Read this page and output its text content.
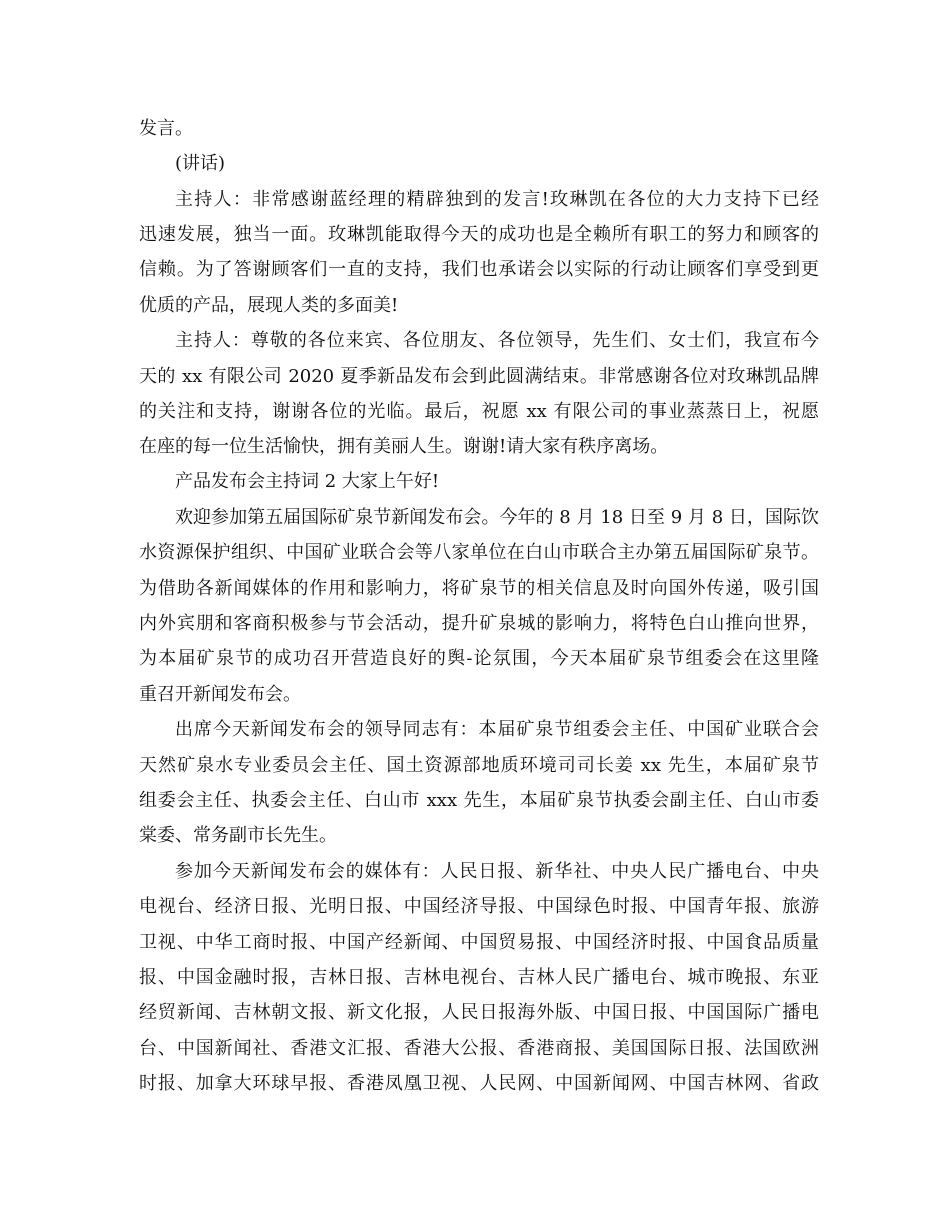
发言。
(讲话)
主持人：非常感谢蓝经理的精辟独到的发言!玫琳凯在各位的大力支持下已经
迅速发展，独当一面。玫琳凯能取得今天的成功也是全赖所有职工的努力和顾客的
信赖。为了答谢顾客们一直的支持，我们也承诺会以实际的行动让顾客们享受到更
优质的产品，展现人类的多面美!
主持人：尊敬的各位来宾、各位朋友、各位领导，先生们、女士们，我宣布今
天的 xx 有限公司 2020 夏季新品发布会到此圆满结束。非常感谢各位对玫琳凯品牌
的关注和支持，谢谢各位的光临。最后，祝愿 xx 有限公司的事业蒸蒸日上，祝愿
在座的每一位生活愉快，拥有美丽人生。谢谢!请大家有秩序离场。
产品发布会主持词 2 大家上午好!
欢迎参加第五届国际矿泉节新闻发布会。今年的 8 月 18 日至 9 月 8 日，国际饮
水资源保护组织、中国矿业联合会等八家单位在白山市联合主办第五届国际矿泉节。
为借助各新闻媒体的作用和影响力，将矿泉节的相关信息及时向国外传递，吸引国
内外宾朋和客商积极参与节会活动，提升矿泉城的影响力，将特色白山推向世界，
为本届矿泉节的成功召开营造良好的舆-论氛围，今天本届矿泉节组委会在这里隆
重召开新闻发布会。
出席今天新闻发布会的领导同志有：本届矿泉节组委会主任、中国矿业联合会
天然矿泉水专业委员会主任、国土资源部地质环境司司长姜 xx 先生，本届矿泉节
组委会主任、执委会主任、白山市 xxx 先生，本届矿泉节执委会副主任、白山市委
棠委、常务副市长先生。
参加今天新闻发布会的媒体有：人民日报、新华社、中央人民广播电台、中央
电视台、经济日报、光明日报、中国经济导报、中国绿色时报、中国青年报、旅游
卫视、中华工商时报、中国产经新闻、中国贸易报、中国经济时报、中国食品质量
报、中国金融时报，吉林日报、吉林电视台、吉林人民广播电台、城市晚报、东亚
经贸新闻、吉林朝文报、新文化报，人民日报海外版、中国日报、中国国际广播电
台、中国新闻社、香港文汇报、香港大公报、香港商报、美国国际日报、法国欧洲
时报、加拿大环球早报、香港凤凰卫视、人民网、中国新闻网、中国吉林网、省政
